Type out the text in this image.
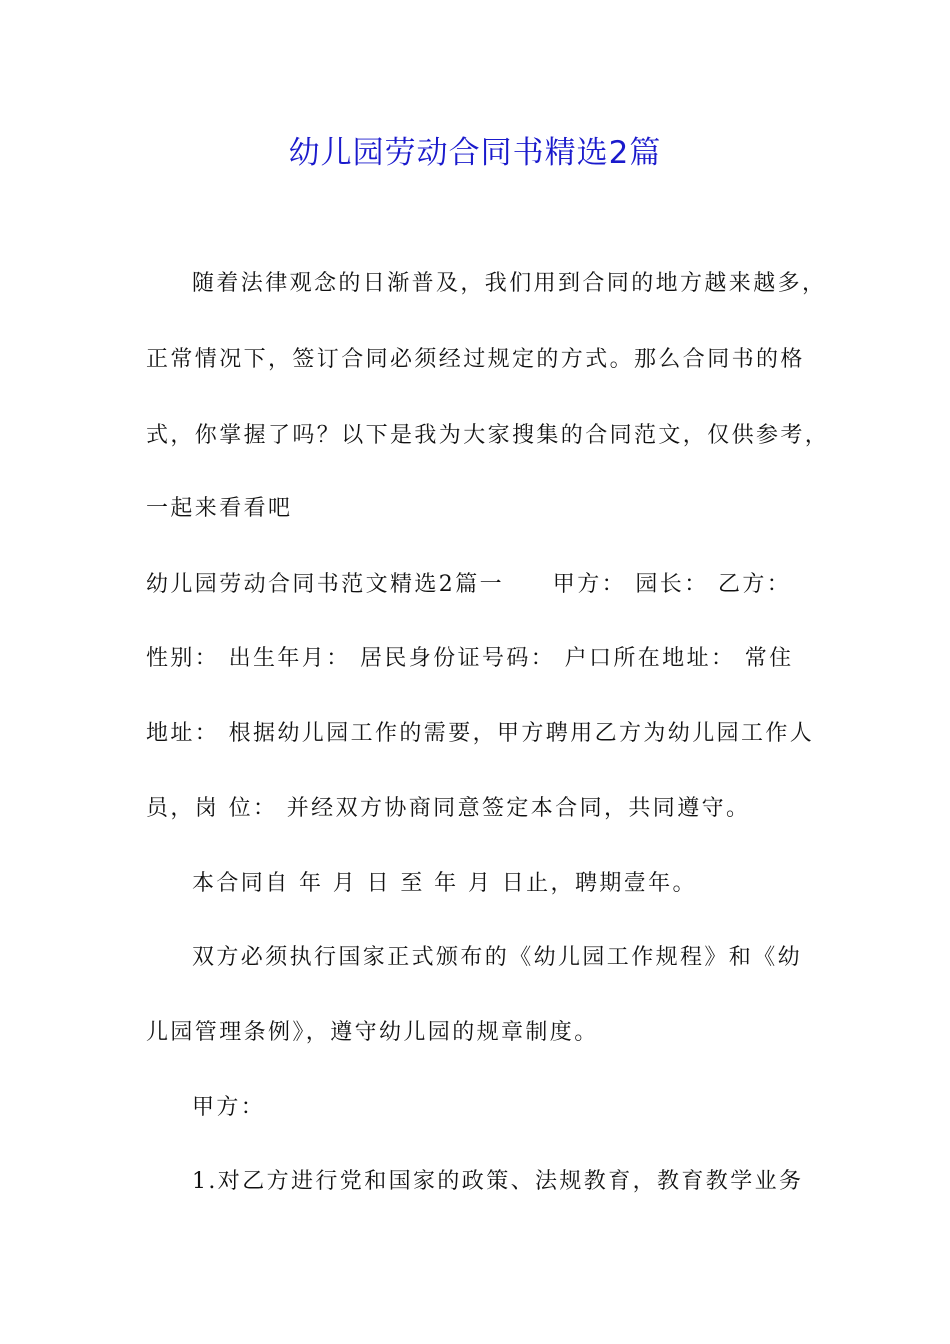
幼儿园劳动合同书精选2篇

随着法律观念的日渐普及，我们用到合同的地方越来越多，

正常情况下，签订合同必须经过规定的方式。那么合同书的格

式，你掌握了吗？以下是我为大家搜集的合同范文，仅供参考，

一起来看看吧

幼儿园劳动合同书范文精选2篇一　　甲方： 园长： 乙方：

性别： 出生年月： 居民身份证号码： 户口所在地址： 常住

地址： 根据幼儿园工作的需要，甲方聘用乙方为幼儿园工作人

员，岗 位： 并经双方协商同意签定本合同，共同遵守。

本合同自 年 月 日 至 年 月 日止，聘期壹年。

双方必须执行国家正式颁布的《幼儿园工作规程》和《幼

儿园管理条例》，遵守幼儿园的规章制度。

甲方：

1.对乙方进行党和国家的政策、法规教育，教育教学业务
